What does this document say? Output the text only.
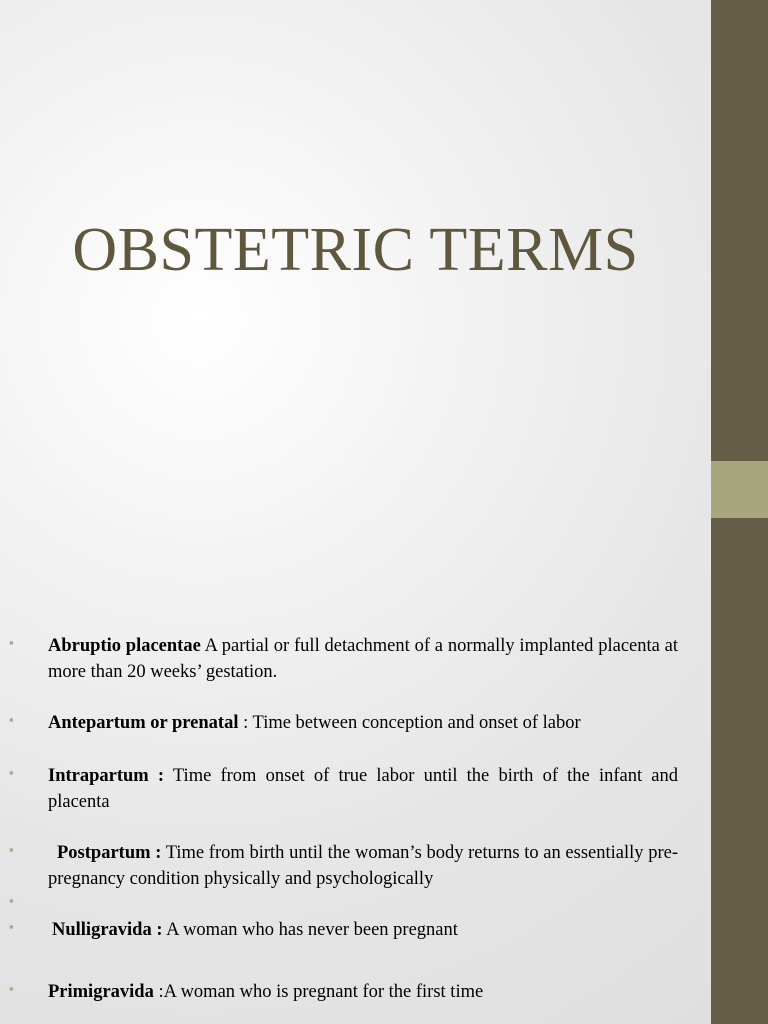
OBSTETRIC TERMS
▪ Abruptio placentae A partial or full detachment of a normally implanted placenta at more than 20 weeks’ gestation.
▪ Antepartum or prenatal : Time between conception and onset of labor
▪ Intrapartum : Time from onset of true labor until the birth of the infant and placenta
▪	Postpartum : Time from birth until the woman’s body returns to an essentially pre-pregnancy condition physically and psychologically
▪
▪ Nulligravida : A woman who has never been pregnant
▪ Primigravida :A woman who is pregnant for the first time
